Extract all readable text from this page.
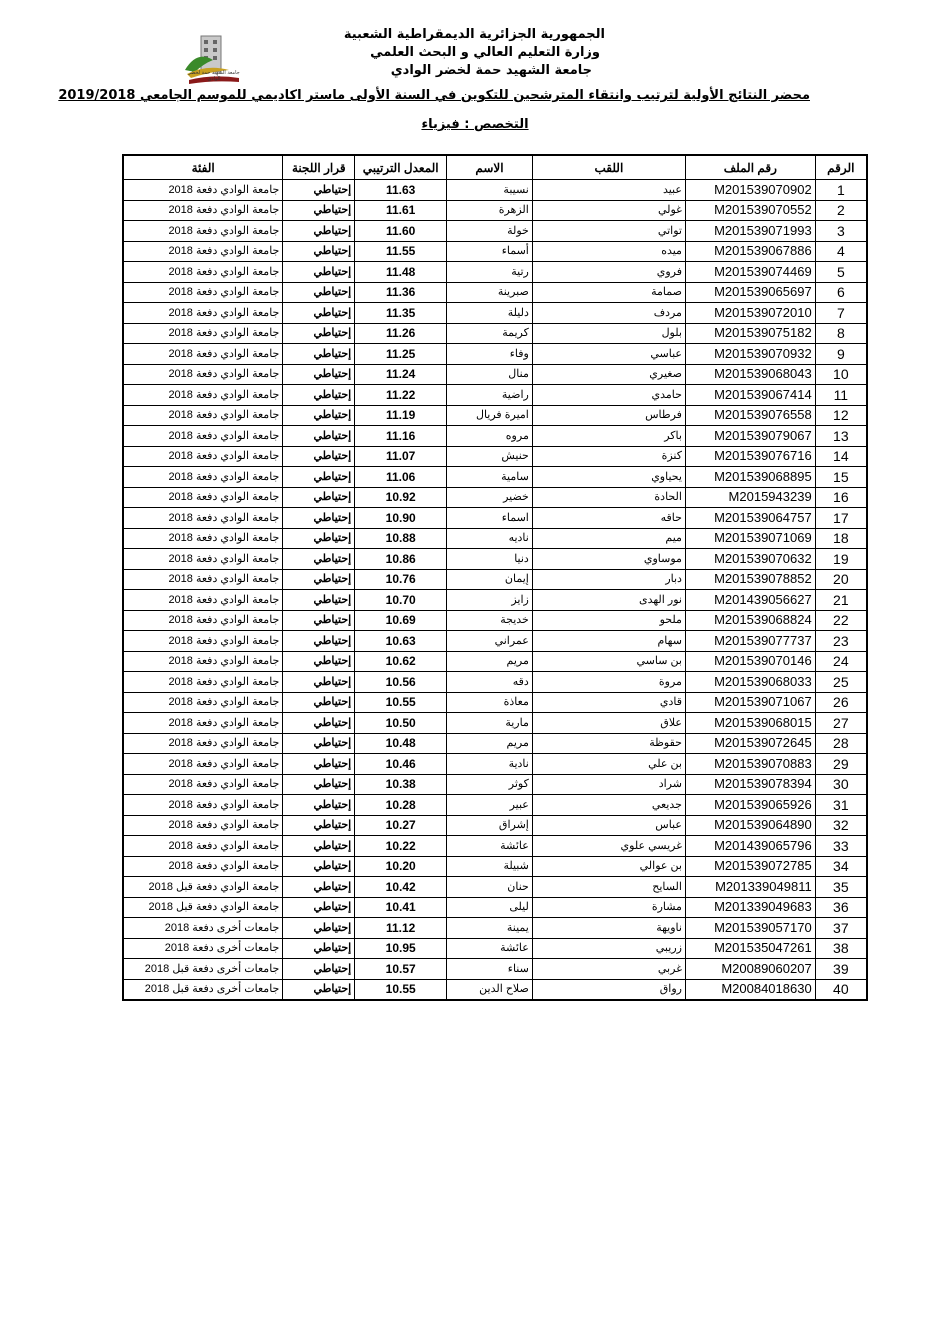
الجمهورية الجزائرية الديمقراطية الشعبية
وزارة التعليم العالي و البحث العلمي
جامعة الشهيد حمة لخضر الوادي
جامعة الشهيد حمة لخضر الوادي
محضر النتائج الأولية لترتيب وانتقاء المترشحين للتكوين في السنة الأولى ماستر اكاديمي للموسم الجامعي 2019/2018
التخصص : فيزياء
الرقم	رقم الملف	اللقب	الاسم	المعدل الترتيبي	قرار اللجنة	الفئة
1	M201539070902	عبيد	نسيبة	11.63	إحتياطي	جامعة الوادي دفعة 2018
2	M201539070552	غولي	الزهرة	11.61	إحتياطي	جامعة الوادي دفعة 2018
3	M201539071993	تواتي	خولة	11.60	إحتياطي	جامعة الوادي دفعة 2018
4	M201539067886	ميده	أسماء	11.55	إحتياطي	جامعة الوادي دفعة 2018
5	M201539074469	فروي	رتية	11.48	إحتياطي	جامعة الوادي دفعة 2018
6	M201539065697	صمامة	صبرينة	11.36	إحتياطي	جامعة الوادي دفعة 2018
7	M201539072010	مردف	دليلة	11.35	إحتياطي	جامعة الوادي دفعة 2018
8	M201539075182	بلول	كريمة	11.26	إحتياطي	جامعة الوادي دفعة 2018
9	M201539070932	عباسي	وفاء	11.25	إحتياطي	جامعة الوادي دفعة 2018
10	M201539068043	صغيري	منال	11.24	إحتياطي	جامعة الوادي دفعة 2018
11	M201539067414	حامدي	راضية	11.22	إحتياطي	جامعة الوادي دفعة 2018
12	M201539076558	فرطاس	اميرة فريال	11.19	إحتياطي	جامعة الوادي دفعة 2018
13	M201539079067	باكر	مروه	11.16	إحتياطي	جامعة الوادي دفعة 2018
14	M201539076716	كنزة	حنيش	11.07	إحتياطي	جامعة الوادي دفعة 2018
15	M201539068895	يحياوي	سامية	11.06	إحتياطي	جامعة الوادي دفعة 2018
16	M2015943239	الحادة	خضير	10.92	إحتياطي	جامعة الوادي دفعة 2018
17	M201539064757	حاقه	اسماء	10.90	إحتياطي	جامعة الوادي دفعة 2018
18	M201539071069	ميم	ناديه	10.88	إحتياطي	جامعة الوادي دفعة 2018
19	M201539070632	موساوي	دنيا	10.86	إحتياطي	جامعة الوادي دفعة 2018
20	M201539078852	دبار	إيمان	10.76	إحتياطي	جامعة الوادي دفعة 2018
21	M201439056627	نور الهدى	زايز	10.70	إحتياطي	جامعة الوادي دفعة 2018
22	M201539068824	ملحو	خديجة	10.69	إحتياطي	جامعة الوادي دفعة 2018
23	M201539077737	سهام	عمراني	10.63	إحتياطي	جامعة الوادي دفعة 2018
24	M201539070146	بن ساسي	مريم	10.62	إحتياطي	جامعة الوادي دفعة 2018
25	M201539068033	مروة	دقه	10.56	إحتياطي	جامعة الوادي دفعة 2018
26	M201539071067	قادي	معاذة	10.55	إحتياطي	جامعة الوادي دفعة 2018
27	M201539068015	علاق	مارية	10.50	إحتياطي	جامعة الوادي دفعة 2018
28	M201539072645	حقوظة	مريم	10.48	إحتياطي	جامعة الوادي دفعة 2018
29	M201539070883	بن علي	نادية	10.46	إحتياطي	جامعة الوادي دفعة 2018
30	M201539078394	شراد	كوثر	10.38	إحتياطي	جامعة الوادي دفعة 2018
31	M201539065926	جديعي	عبير	10.28	إحتياطي	جامعة الوادي دفعة 2018
32	M201539064890	عباس	إشراق	10.27	إحتياطي	جامعة الوادي دفعة 2018
33	M201439065796	غريسي علوي	عائشة	10.22	إحتياطي	جامعة الوادي دفعة 2018
34	M201539072785	بن عوالي	شبيلة	10.20	إحتياطي	جامعة الوادي دفعة 2018
35	M201339049811	السايح	حنان	10.42	إحتياطي	جامعة الوادي دفعة قبل 2018
36	M201339049683	مشارة	ليلى	10.41	إحتياطي	جامعة الوادي دفعة قبل 2018
37	M201539057170	ناويهة	يمينة	11.12	إحتياطي	جامعات أخرى دفعة 2018
38	M201535047261	زريبي	عائشة	10.95	إحتياطي	جامعات أخرى دفعة 2018
39	M20089060207	غربي	سناء	10.57	إحتياطي	جامعات أخرى دفعة قبل 2018
40	M20084018630	رواق	صلاح الدين	10.55	إحتياطي	جامعات أخرى دفعة قبل 2018
